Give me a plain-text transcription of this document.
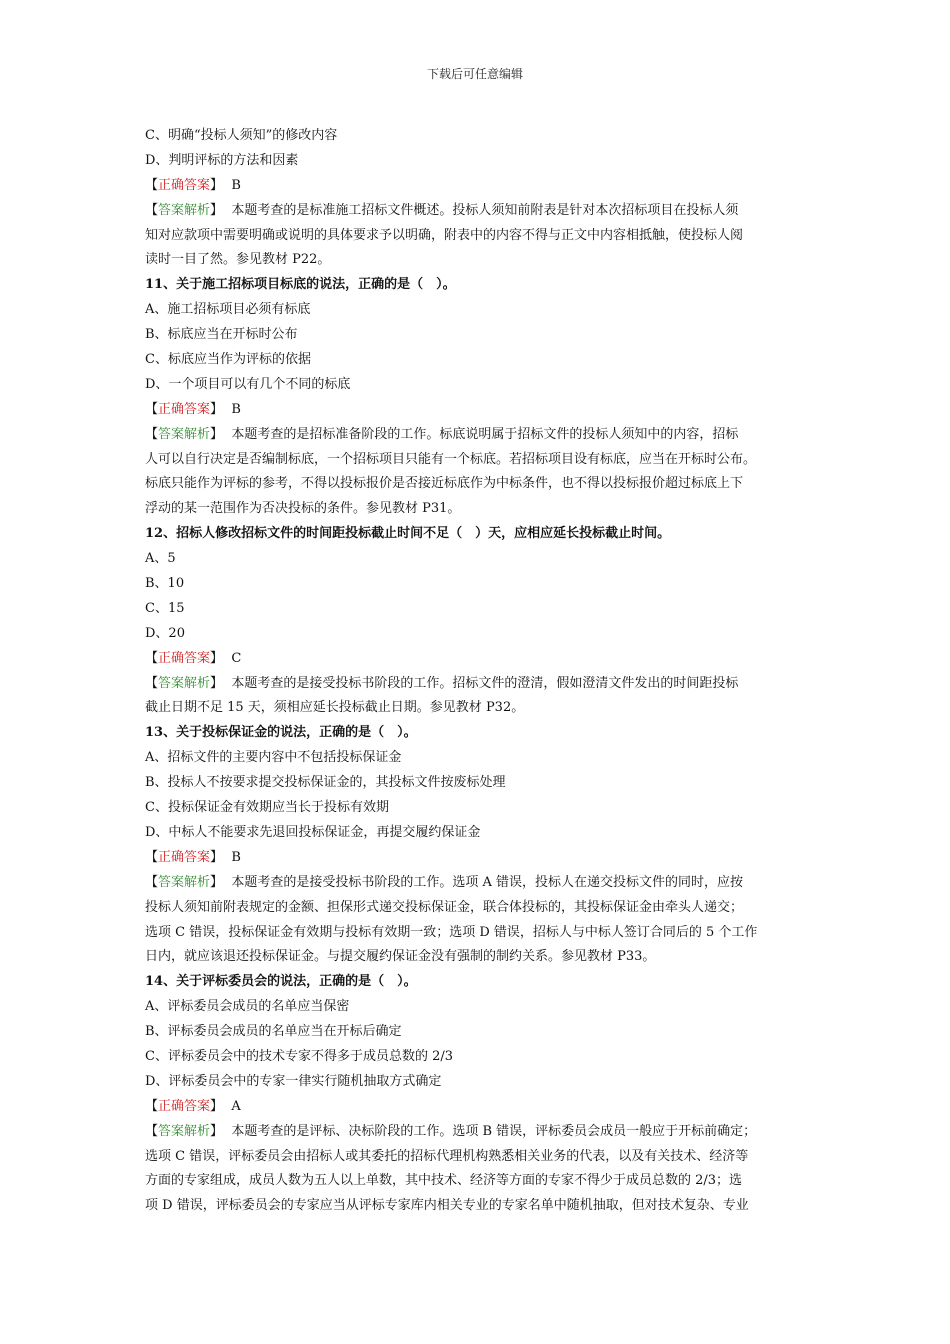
下载后可任意编辑
C、明确“投标人须知”的修改内容
D、判明评标的方法和因素
【正确答案】 B
【答案解析】 本题考查的是标准施工招标文件概述。投标人须知前附表是针对本次招标项目在投标人须
知对应款项中需要明确或说明的具体要求予以明确，附表中的内容不得与正文中内容相抵触，使投标人阅
读时一目了然。参见教材 P22。
11、关于施工招标项目标底的说法，正确的是（　）。
A、施工招标项目必须有标底
B、标底应当在开标时公布
C、标底应当作为评标的依据
D、一个项目可以有几个不同的标底
【正确答案】 B
【答案解析】 本题考查的是招标准备阶段的工作。标底说明属于招标文件的投标人须知中的内容，招标
人可以自行决定是否编制标底，一个招标项目只能有一个标底。若招标项目设有标底，应当在开标时公布。
标底只能作为评标的参考，不得以投标报价是否接近标底作为中标条件，也不得以投标报价超过标底上下
浮动的某一范围作为否决投标的条件。参见教材 P31。
12、招标人修改招标文件的时间距投标截止时间不足（　）天，应相应延长投标截止时间。
A、5
B、10
C、15
D、20
【正确答案】 C
【答案解析】 本题考查的是接受投标书阶段的工作。招标文件的澄清，假如澄清文件发出的时间距投标
截止日期不足 15 天，须相应延长投标截止日期。参见教材 P32。
13、关于投标保证金的说法，正确的是（　）。
A、招标文件的主要内容中不包括投标保证金
B、投标人不按要求提交投标保证金的，其投标文件按废标处理
C、投标保证金有效期应当长于投标有效期
D、中标人不能要求先退回投标保证金，再提交履约保证金
【正确答案】 B
【答案解析】 本题考查的是接受投标书阶段的工作。选项 A 错误，投标人在递交投标文件的同时，应按
投标人须知前附表规定的金额、担保形式递交投标保证金，联合体投标的，其投标保证金由牵头人递交；
选项 C 错误，投标保证金有效期与投标有效期一致；选项 D 错误，招标人与中标人签订合同后的 5 个工作
日内，就应该退还投标保证金。与提交履约保证金没有强制的制约关系。参见教材 P33。
14、关于评标委员会的说法，正确的是（　）。
A、评标委员会成员的名单应当保密
B、评标委员会成员的名单应当在开标后确定
C、评标委员会中的技术专家不得多于成员总数的 2/3
D、评标委员会中的专家一律实行随机抽取方式确定
【正确答案】 A
【答案解析】 本题考查的是评标、决标阶段的工作。选项 B 错误，评标委员会成员一般应于开标前确定；
选项 C 错误，评标委员会由招标人或其委托的招标代理机构熟悉相关业务的代表，以及有关技术、经济等
方面的专家组成，成员人数为五人以上单数，其中技术、经济等方面的专家不得少于成员总数的 2/3；选
项 D 错误，评标委员会的专家应当从评标专家库内相关专业的专家名单中随机抽取，但对技术复杂、专业
